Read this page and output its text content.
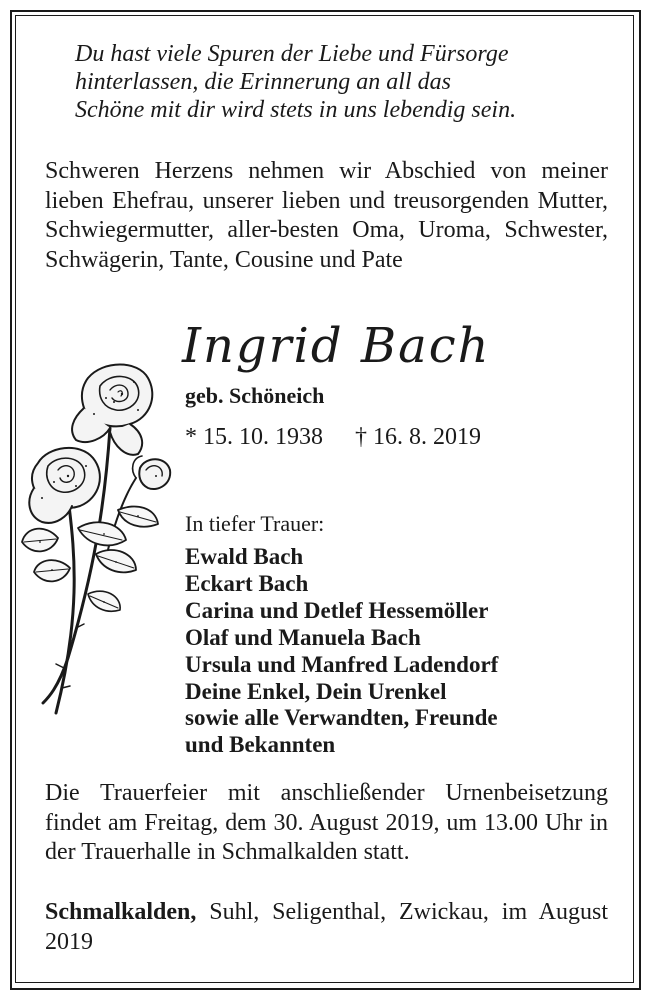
Du hast viele Spuren der Liebe und Fürsorge
hinterlassen, die Erinnerung an all das
Schöne mit dir wird stets in uns lebendig sein.
Schweren Herzens nehmen wir Abschied von meiner lieben Ehefrau, unserer lieben und treusorgenden Mutter, Schwiegermutter, aller-besten Oma, Uroma, Schwester, Schwägerin, Tante, Cousine und Pate
Ingrid Bach
geb. Schöneich
* 15. 10. 1938 † 16. 8. 2019
In tiefer Trauer:
Ewald Bach
Eckart Bach
Carina und Detlef Hessemöller
Olaf und Manuela Bach
Ursula und Manfred Ladendorf
Deine Enkel, Dein Urenkel
sowie alle Verwandten, Freunde
und Bekannten
Die Trauerfeier mit anschließender Urnenbeisetzung findet am Freitag, dem 30. August 2019, um 13.00 Uhr in der Trauerhalle in Schmalkalden statt.
Schmalkalden, Suhl, Seligenthal, Zwickau, im August 2019
